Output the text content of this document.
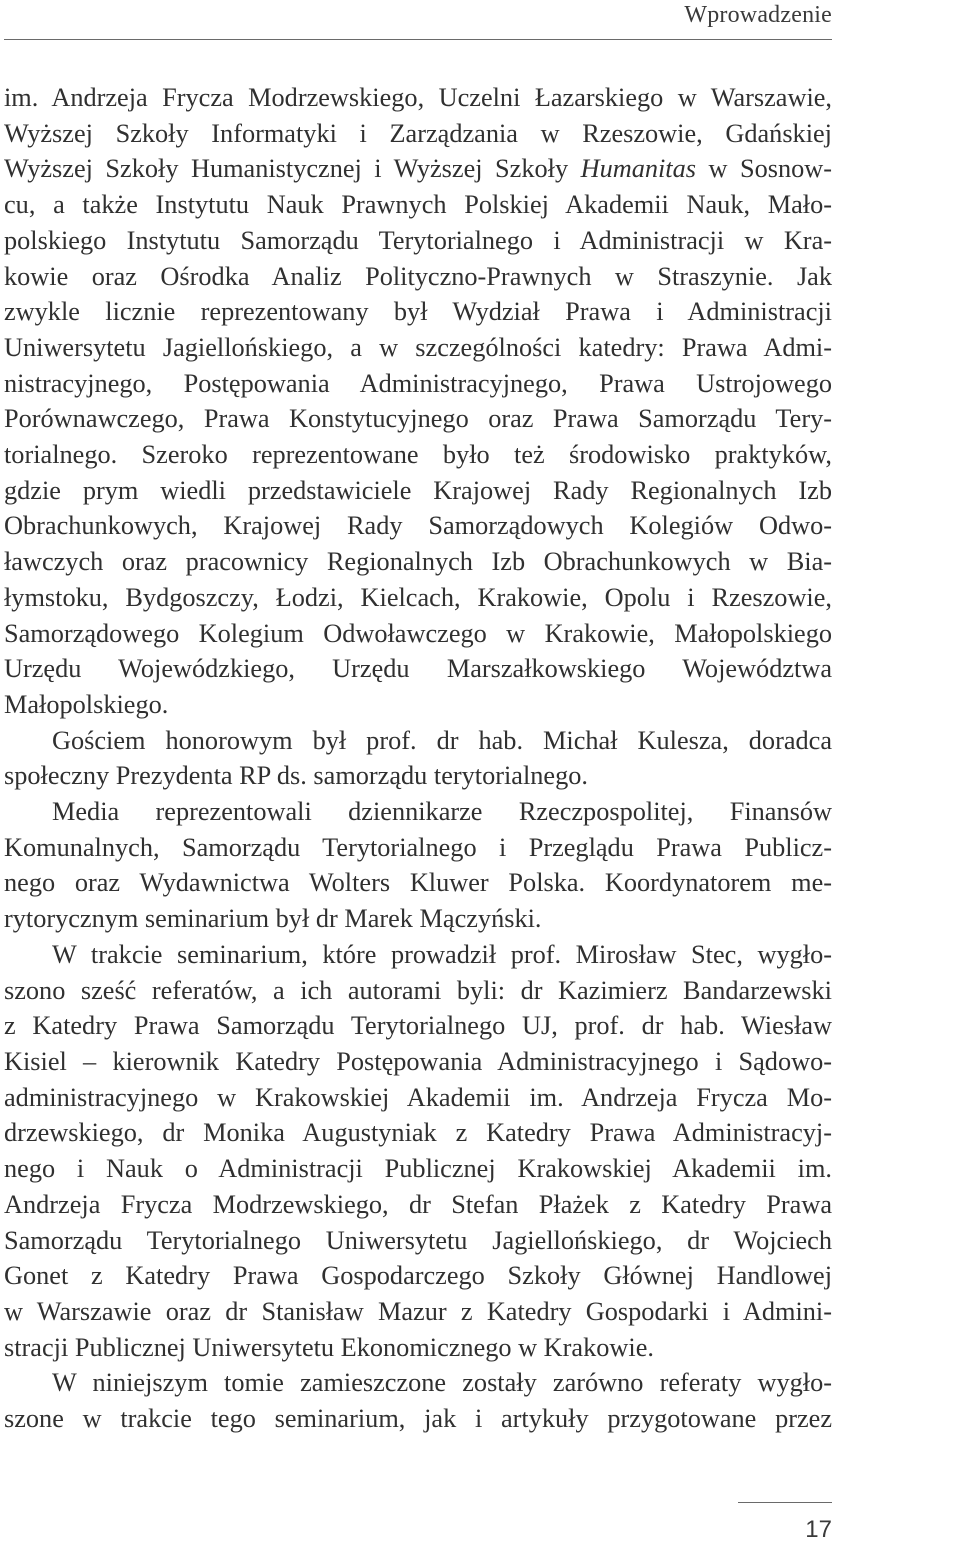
Wprowadzenie

im. Andrzeja Frycza Modrzewskiego, Uczelni Łazarskiego w Warszawie,

Wyższej Szkoły Informatyki i Zarządzania w Rzeszowie, Gdańskiej

Wyższej Szkoły Humanistycznej i Wyższej Szkoły Humanitas w Sosnow-

cu, a także Instytutu Nauk Prawnych Polskiej Akademii Nauk, Mało-

polskiego Instytutu Samorządu Terytorialnego i Administracji w Kra-

kowie oraz Ośrodka Analiz Polityczno-Prawnych w Straszynie. Jak

zwykle licznie reprezentowany był Wydział Prawa i Administracji

Uniwersytetu Jagiellońskiego, a w szczególności katedry: Prawa Admi-

nistracyjnego, Postępowania Administracyjnego, Prawa Ustrojowego

Porównawczego, Prawa Konstytucyjnego oraz Prawa Samorządu Tery-

torialnego. Szeroko reprezentowane było też środowisko praktyków,

gdzie prym wiedli przedstawiciele Krajowej Rady Regionalnych Izb

Obrachunkowych, Krajowej Rady Samorządowych Kolegiów Odwo-

ławczych oraz pracownicy Regionalnych Izb Obrachunkowych w Bia-

łymstoku, Bydgoszczy, Łodzi, Kielcach, Krakowie, Opolu i Rzeszowie,

Samorządowego Kolegium Odwoławczego w Krakowie, Małopolskiego

Urzędu Wojewódzkiego, Urzędu Marszałkowskiego Województwa

Małopolskiego.

Gościem honorowym był prof. dr hab. Michał Kulesza, doradca

społeczny Prezydenta RP ds. samorządu terytorialnego.

Media reprezentowali dziennikarze Rzeczpospolitej, Finansów

Komunalnych, Samorządu Terytorialnego i Przeglądu Prawa Publicz-

nego oraz Wydawnictwa Wolters Kluwer Polska. Koordynatorem me-

rytorycznym seminarium był dr Marek Mączyński.

W trakcie seminarium, które prowadził prof. Mirosław Stec, wygło-

szono sześć referatów, a ich autorami byli: dr Kazimierz Bandarzewski

z Katedry Prawa Samorządu Terytorialnego UJ, prof. dr hab. Wiesław

Kisiel – kierownik Katedry Postępowania Administracyjnego i Sądowo-

administracyjnego w Krakowskiej Akademii im. Andrzeja Frycza Mo-

drzewskiego, dr Monika Augustyniak z Katedry Prawa Administracyj-

nego i Nauk o Administracji Publicznej Krakowskiej Akademii im.

Andrzeja Frycza Modrzewskiego, dr Stefan Płażek z Katedry Prawa

Samorządu Terytorialnego Uniwersytetu Jagiellońskiego, dr Wojciech

Gonet z Katedry Prawa Gospodarczego Szkoły Głównej Handlowej

w Warszawie oraz dr Stanisław Mazur z Katedry Gospodarki i Admini-

stracji Publicznej Uniwersytetu Ekonomicznego w Krakowie.

W niniejszym tomie zamieszczone zostały zarówno referaty wygło-

szone w trakcie tego seminarium, jak i artykuły przygotowane przez

17
